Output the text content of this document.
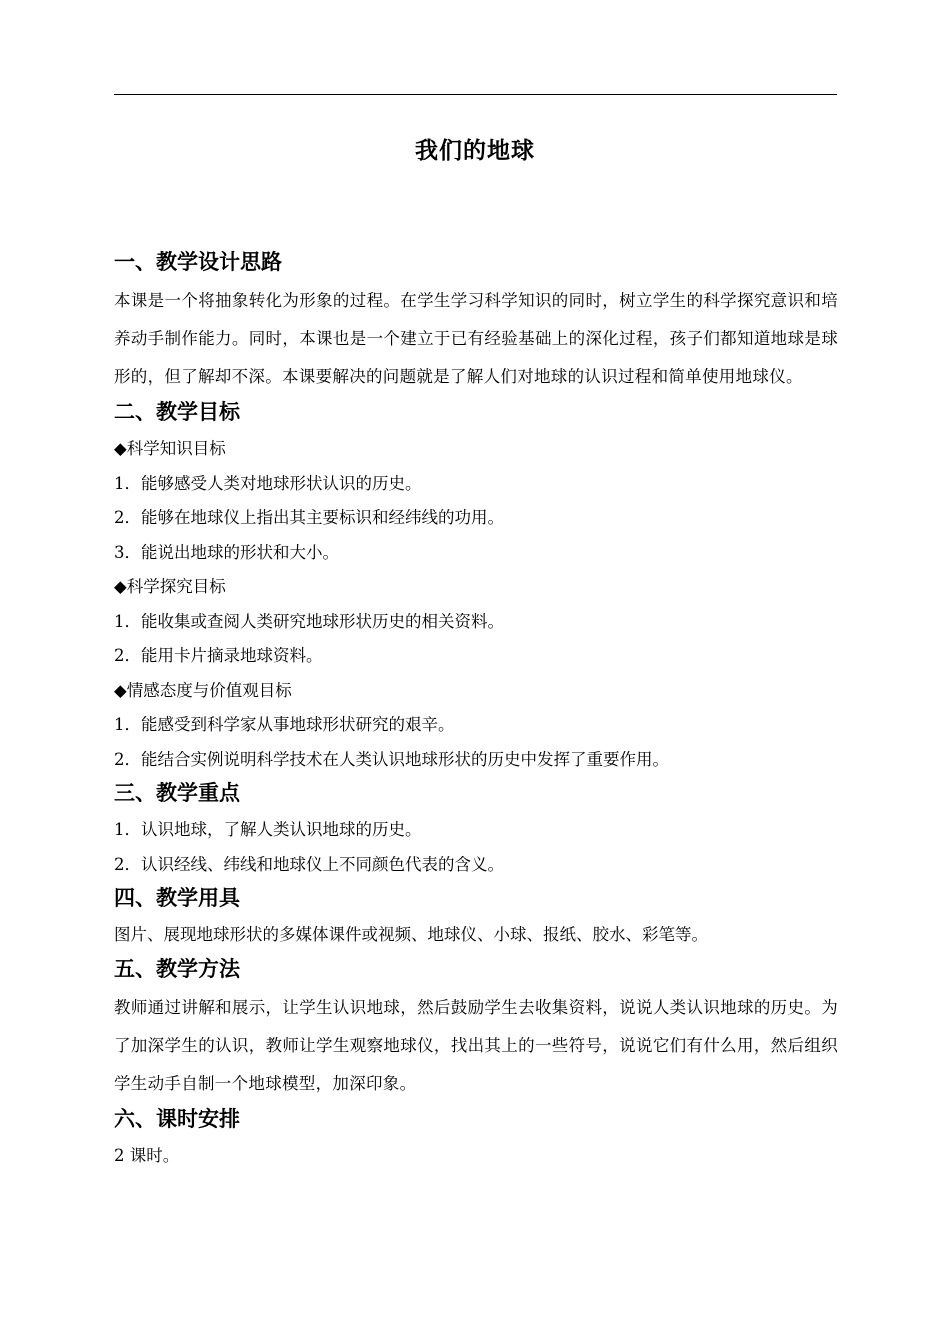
我们的地球
一、教学设计思路

本课是一个将抽象转化为形象的过程。在学生学习科学知识的同时，树立学生的科学探究意识和培养动手制作能力。同时，本课也是一个建立于已有经验基础上的深化过程，孩子们都知道地球是球形的，但了解却不深。本课要解决的问题就是了解人们对地球的认识过程和简单使用地球仪。

二、教学目标
◆科学知识目标
1．能够感受人类对地球形状认识的历史。
2．能够在地球仪上指出其主要标识和经纬线的功用。
3．能说出地球的形状和大小。
◆科学探究目标
1．能收集或查阅人类研究地球形状历史的相关资料。
2．能用卡片摘录地球资料。
◆情感态度与价值观目标
1．能感受到科学家从事地球形状研究的艰辛。
2．能结合实例说明科学技术在人类认识地球形状的历史中发挥了重要作用。
三、教学重点
1．认识地球，了解人类认识地球的历史。
2．认识经线、纬线和地球仪上不同颜色代表的含义。
四、教学用具
图片、展现地球形状的多媒体课件或视频、地球仪、小球、报纸、胶水、彩笔等。
五、教学方法

教师通过讲解和展示，让学生认识地球，然后鼓励学生去收集资料，说说人类认识地球的历史。为了加深学生的认识，教师让学生观察地球仪，找出其上的一些符号，说说它们有什么用，然后组织学生动手自制一个地球模型，加深印象。

六、课时安排
2 课时。
